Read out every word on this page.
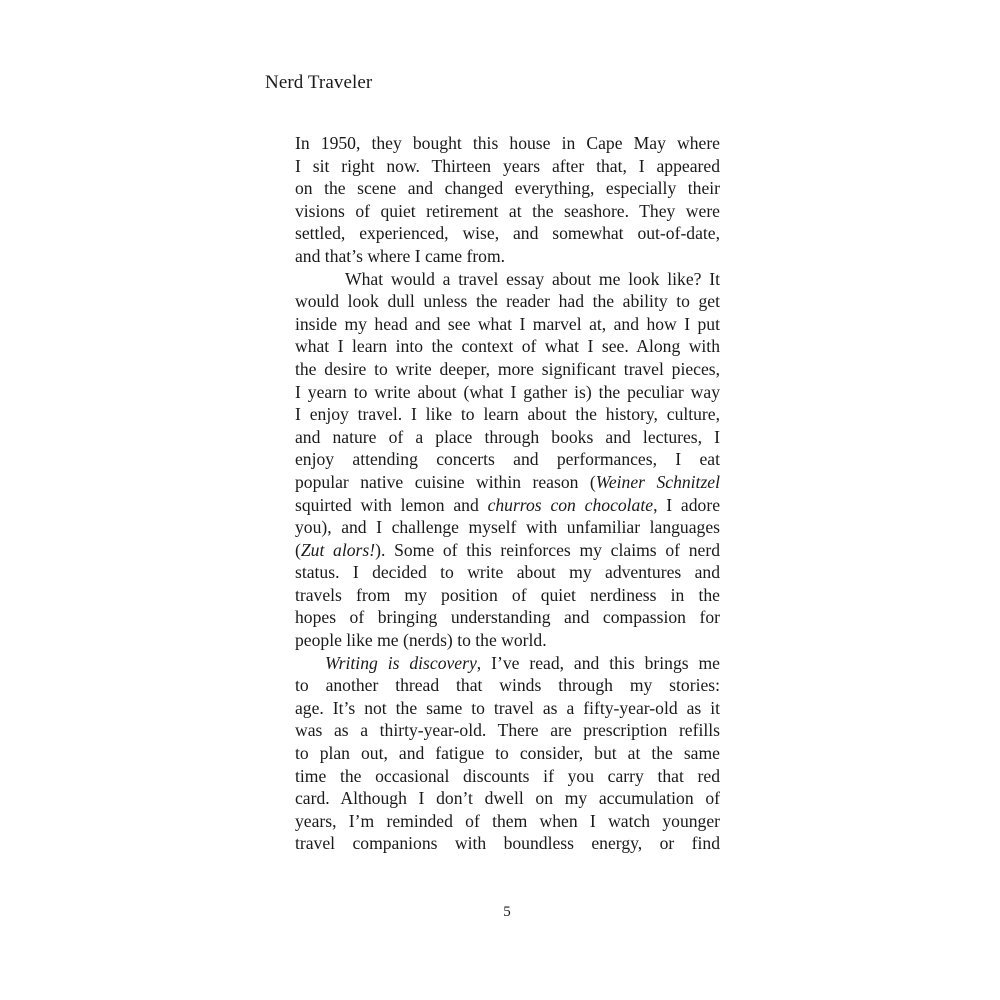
Nerd Traveler

In 1950, they bought this house in Cape May where
I sit right now. Thirteen years after that, I appeared
on the scene and changed everything, especially their
visions of quiet retirement at the seashore. They were
settled, experienced, wise, and somewhat out-of-date,
and that’s where I came from.

What would a travel essay about me look like? It
would look dull unless the reader had the ability to get
inside my head and see what I marvel at, and how I put
what I learn into the context of what I see. Along with
the desire to write deeper, more significant travel pieces,
I yearn to write about (what I gather is) the peculiar way
I enjoy travel. I like to learn about the history, culture,
and nature of a place through books and lectures, I
enjoy attending concerts and performances, I eat
popular native cuisine within reason (Weiner Schnitzel
squirted with lemon and churros con chocolate, I adore
you), and I challenge myself with unfamiliar languages
(Zut alors!). Some of this reinforces my claims of nerd
status. I decided to write about my adventures and
travels from my position of quiet nerdiness in the
hopes of bringing understanding and compassion for
people like me (nerds) to the world.

Writing is discovery, I’ve read, and this brings me
to another thread that winds through my stories:
age. It’s not the same to travel as a fifty-year-old as it
was as a thirty-year-old. There are prescription refills
to plan out, and fatigue to consider, but at the same
time the occasional discounts if you carry that red
card. Although I don’t dwell on my accumulation of
years, I’m reminded of them when I watch younger
travel companions with boundless energy, or find

5
